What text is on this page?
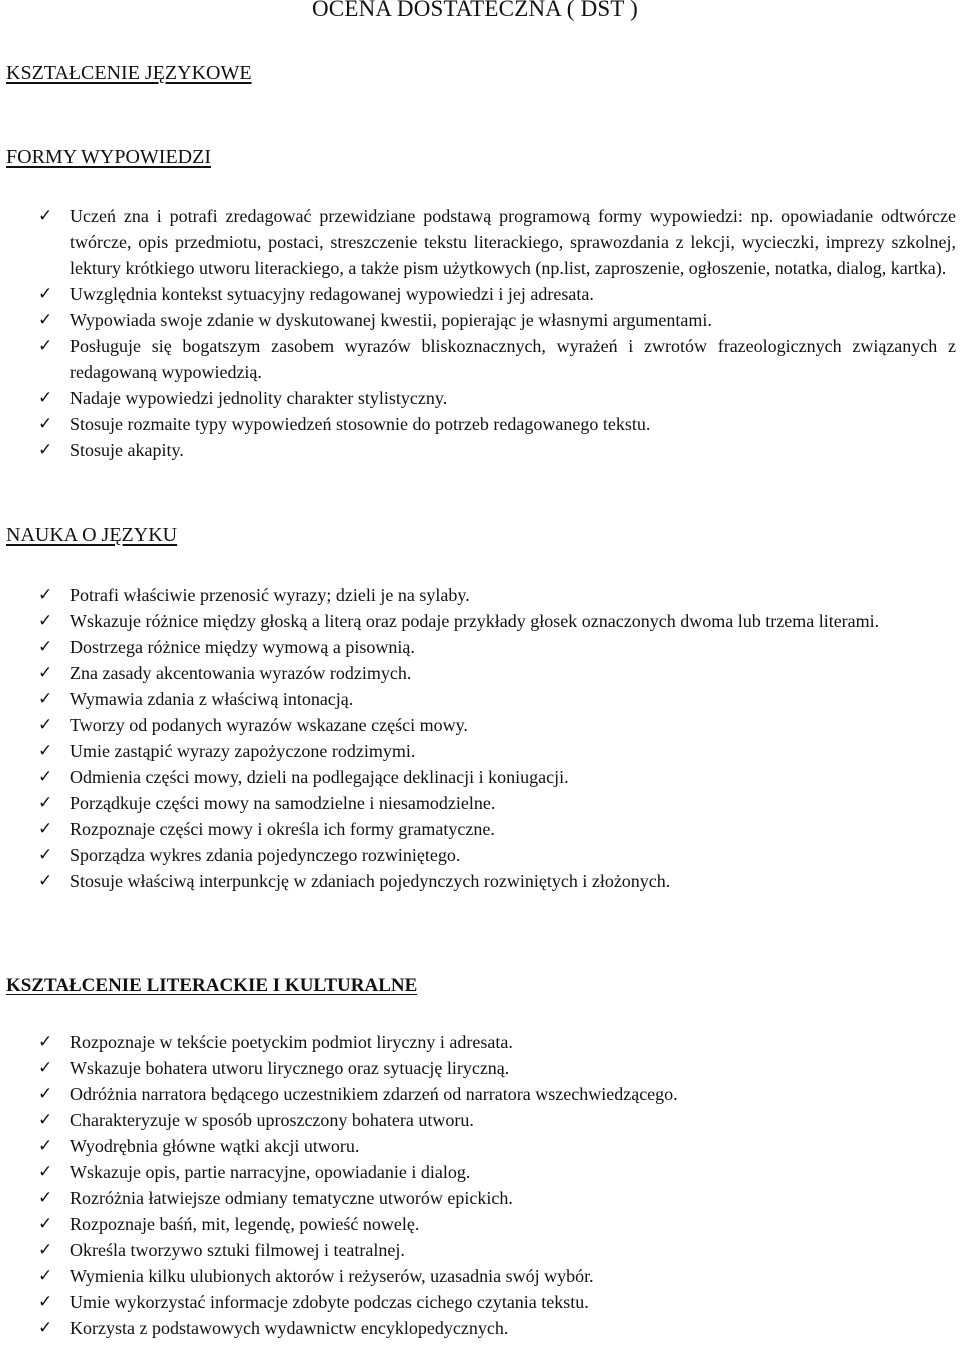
OCENA DOSTATECZNA ( DST )
KSZTAŁCENIE JĘZYKOWE
FORMY WYPOWIEDZI
✓ Uczeń zna i potrafi zredagować przewidziane podstawą programową formy wypowiedzi: np. opowiadanie odtwórcze twórcze, opis przedmiotu, postaci, streszczenie tekstu literackiego, sprawozdania z lekcji, wycieczki, imprezy szkolnej, lektury krótkiego utworu literackiego, a także pism użytkowych (np.list, zaproszenie, ogłoszenie, notatka, dialog, kartka).
✓ Uwzględnia kontekst sytuacyjny redagowanej wypowiedzi i jej adresata.
✓ Wypowiada swoje zdanie w dyskutowanej kwestii, popierając je własnymi argumentami.
✓ Posługuje się bogatszym zasobem wyrazów bliskoznacznych, wyrażeń i zwrotów frazeologicznych związanych z redagowaną wypowiedzią.
✓ Nadaje wypowiedzi jednolity charakter stylistyczny.
✓ Stosuje rozmaite typy wypowiedzeń stosownie do potrzeb redagowanego tekstu.
✓ Stosuje akapity.
NAUKA O JĘZYKU
✓ Potrafi właściwie przenosić wyrazy; dzieli je na sylaby.
✓ Wskazuje różnice między głoską a literą oraz podaje przykłady głosek oznaczonych dwoma lub trzema literami.
✓ Dostrzega różnice między wymową a pisownią.
✓ Zna zasady akcentowania wyrazów rodzimych.
✓ Wymawia zdania z właściwą intonacją.
✓ Tworzy od podanych wyrazów wskazane części mowy.
✓ Umie zastąpić wyrazy zapożyczone rodzimymi.
✓ Odmienia części mowy, dzieli na podlegające deklinacji i koniugacji.
✓ Porządkuje części mowy na samodzielne i niesamodzielne.
✓ Rozpoznaje części mowy i określa ich formy gramatyczne.
✓ Sporządza wykres zdania pojedynczego rozwiniętego.
✓ Stosuje właściwą interpunkcję w zdaniach pojedynczych rozwiniętych i złożonych.
KSZTAŁCENIE LITERACKIE I KULTURALNE
✓ Rozpoznaje w tekście poetyckim podmiot liryczny i adresata.
✓ Wskazuje bohatera utworu lirycznego oraz sytuację liryczną.
✓ Odróżnia narratora będącego uczestnikiem zdarzeń od narratora wszechwiedzącego.
✓ Charakteryzuje w sposób uproszczony bohatera utworu.
✓ Wyodrębnia główne wątki akcji utworu.
✓ Wskazuje opis, partie narracyjne, opowiadanie i dialog.
✓ Rozróżnia łatwiejsze odmiany tematyczne utworów epickich.
✓ Rozpoznaje baśń, mit, legendę, powieść nowelę.
✓ Określa tworzywo sztuki filmowej i teatralnej.
✓ Wymienia kilku ulubionych aktorów i reżyserów, uzasadnia swój wybór.
✓ Umie wykorzystać informacje zdobyte podczas cichego czytania tekstu.
✓ Korzysta z podstawowych wydawnictw encyklopedycznych.
